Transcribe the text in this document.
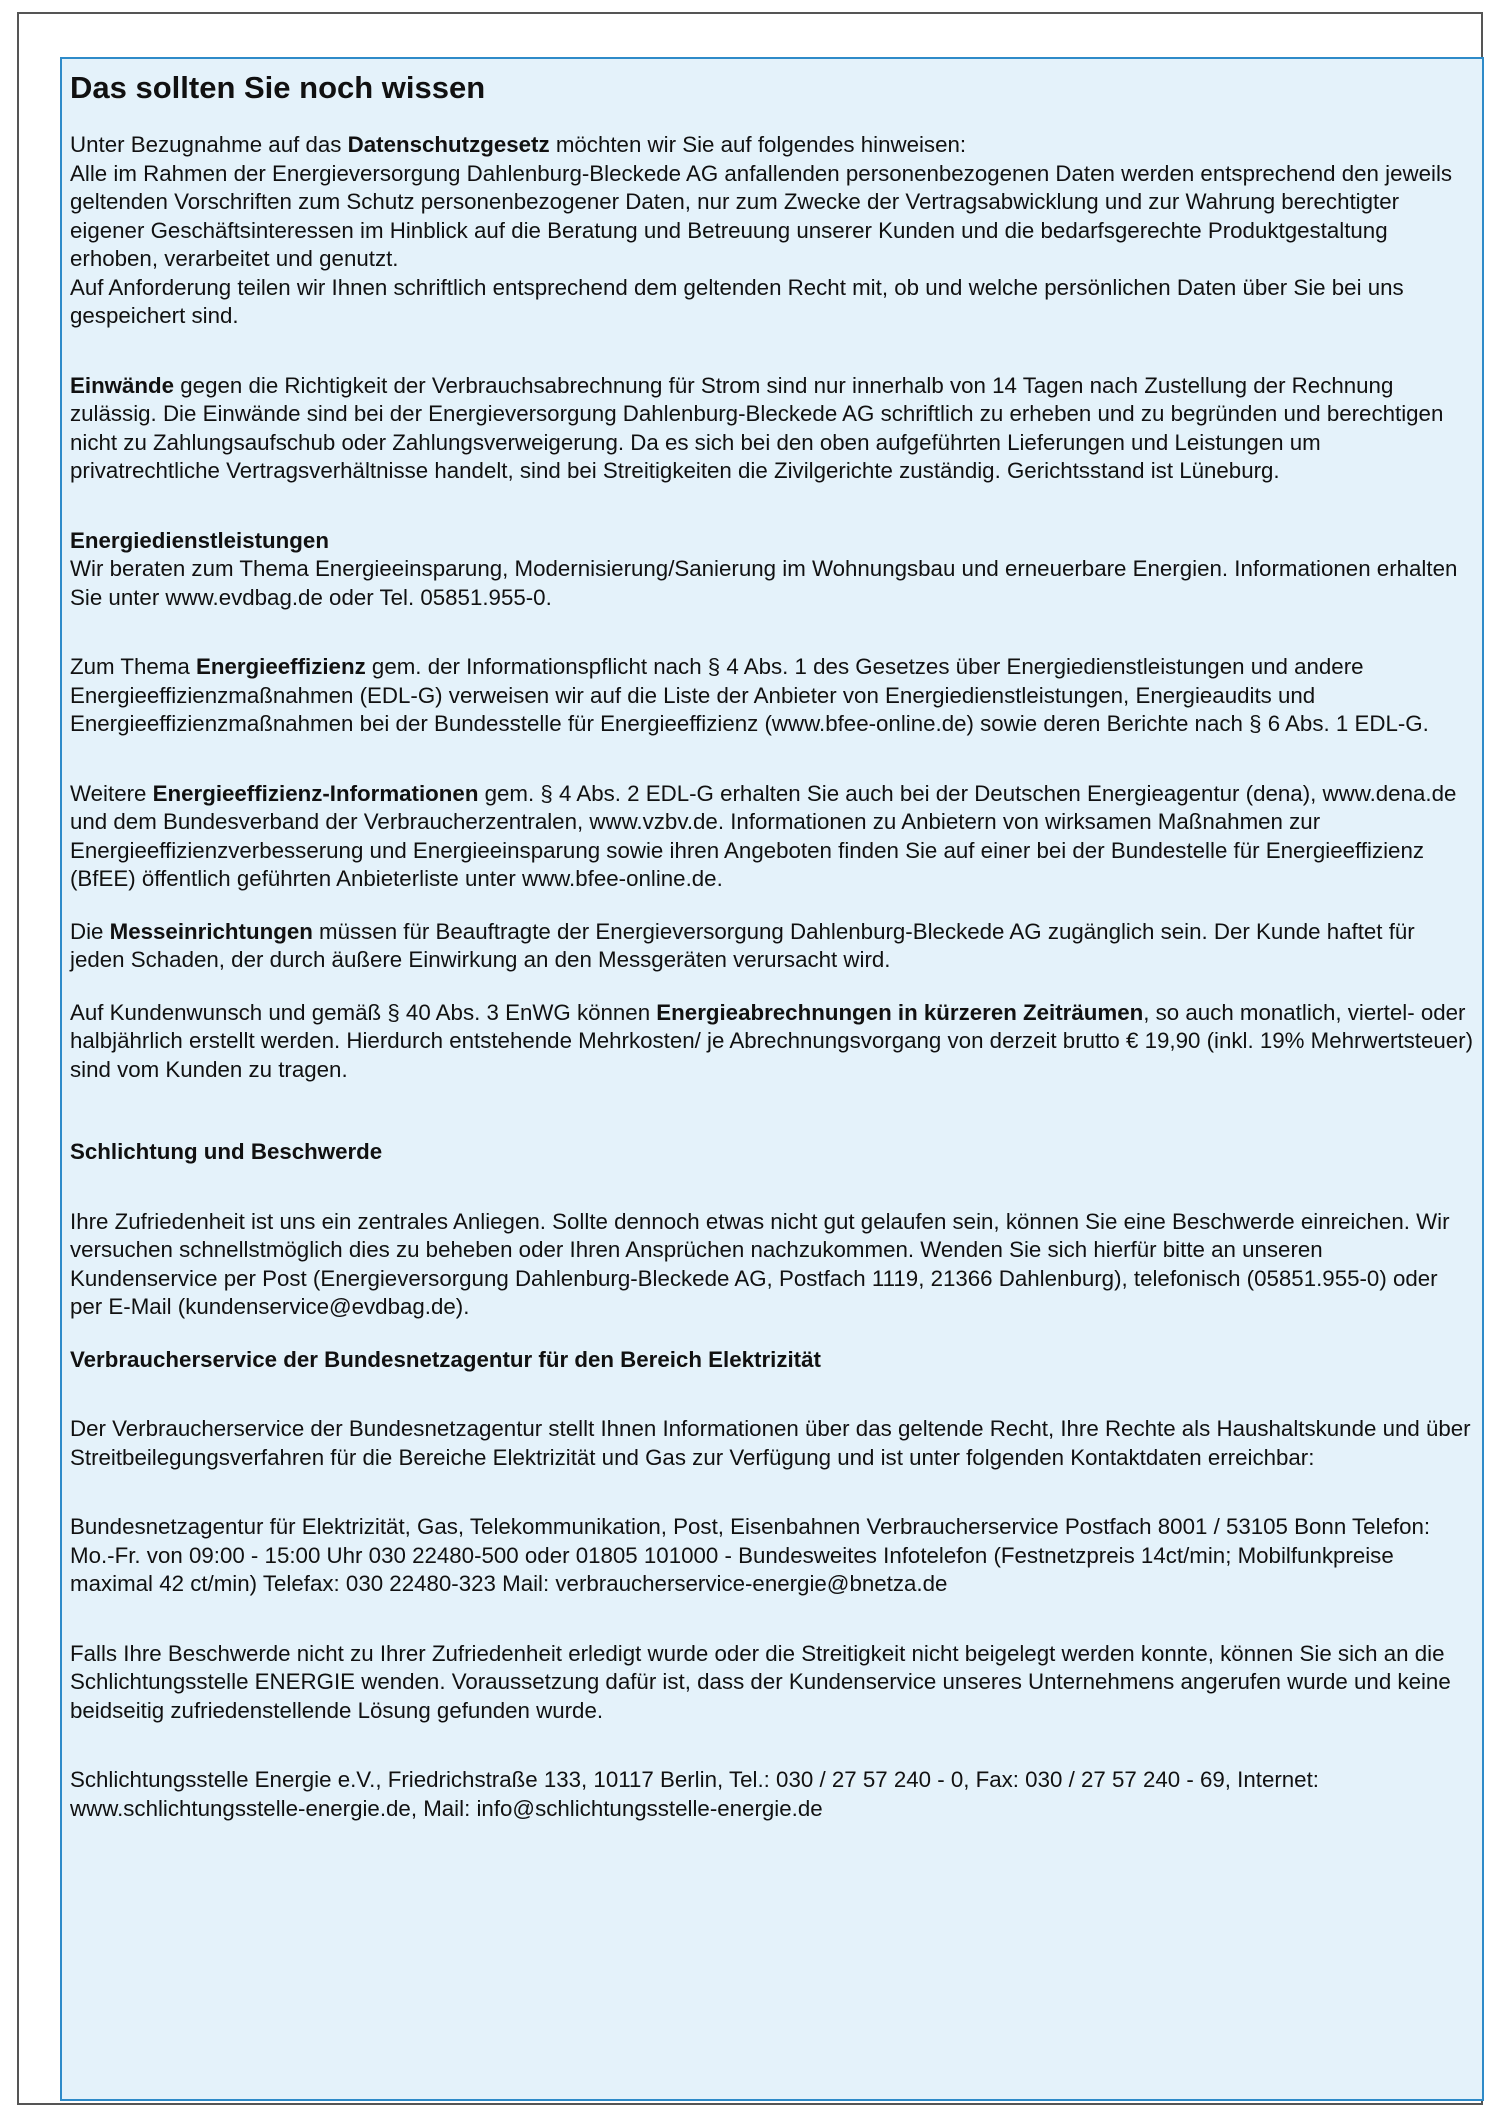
Das sollten Sie noch wissen

Unter Bezugnahme auf das Datenschutzgesetz möchten wir Sie auf folgendes hinweisen:

Alle im Rahmen der Energieversorgung Dahlenburg-Bleckede AG anfallenden personenbezogenen Daten werden entsprechend den jeweils geltenden Vorschriften zum Schutz personenbezogener Daten, nur zum Zwecke der Vertragsabwicklung und zur Wahrung berechtigter eigener Geschäftsinteressen im Hinblick auf die Beratung und Betreuung unserer Kunden und die bedarfsgerechte Produktgestaltung erhoben, verarbeitet und genutzt.

Auf Anforderung teilen wir Ihnen schriftlich entsprechend dem geltenden Recht mit, ob und welche persönlichen Daten über Sie bei uns gespeichert sind.

Einwände gegen die Richtigkeit der Verbrauchsabrechnung für Strom sind nur innerhalb von 14 Tagen nach Zustellung der Rechnung zulässig. Die Einwände sind bei der Energieversorgung Dahlenburg-Bleckede AG schriftlich zu erheben und zu begründen und berechtigen nicht zu Zahlungsaufschub oder Zahlungsverweigerung. Da es sich bei den oben aufgeführten Lieferungen und Leistungen um privatrechtliche Vertragsverhältnisse handelt, sind bei Streitigkeiten die Zivilgerichte zuständig. Gerichtsstand ist Lüneburg.

Energiedienstleistungen

Wir beraten zum Thema Energieeinsparung, Modernisierung/Sanierung im Wohnungsbau und erneuerbare Energien. Informationen erhalten Sie unter www.evdbag.de oder Tel. 05851.955-0.

Zum Thema Energieeffizienz gem. der Informationspflicht nach § 4 Abs. 1 des Gesetzes über Energiedienstleistungen und andere Energieeffizienzmaßnahmen (EDL-G) verweisen wir auf die Liste der Anbieter von Energiedienstleistungen, Energieaudits und Energieeffizienzmaßnahmen bei der Bundesstelle für Energieeffizienz (www.bfee-online.de) sowie deren Berichte nach § 6 Abs. 1 EDL-G.

Weitere Energieeffizienz-Informationen gem. § 4 Abs. 2 EDL-G erhalten Sie auch bei der Deutschen Energieagentur (dena), www.dena.de und dem Bundesverband der Verbraucherzentralen, www.vzbv.de. Informationen zu Anbietern von wirksamen Maßnahmen zur Energieeffizienzverbesserung und Energieeinsparung sowie ihren Angeboten finden Sie auf einer bei der Bundestelle für Energieeffizienz (BfEE) öffentlich geführten Anbieterliste unter www.bfee-online.de.

Die Messeinrichtungen müssen für Beauftragte der Energieversorgung Dahlenburg-Bleckede AG zugänglich sein. Der Kunde haftet für jeden Schaden, der durch äußere Einwirkung an den Messgeräten verursacht wird.

Auf Kundenwunsch und gemäß § 40 Abs. 3 EnWG können Energieabrechnungen in kürzeren Zeiträumen, so auch monatlich, viertel- oder halbjährlich erstellt werden. Hierdurch entstehende Mehrkosten/ je Abrechnungsvorgang von derzeit brutto € 19,90 (inkl. 19% Mehrwertsteuer) sind vom Kunden zu tragen.

Schlichtung und Beschwerde

Ihre Zufriedenheit ist uns ein zentrales Anliegen. Sollte dennoch etwas nicht gut gelaufen sein, können Sie eine Beschwerde einreichen. Wir versuchen schnellstmöglich dies zu beheben oder Ihren Ansprüchen nachzukommen. Wenden Sie sich hierfür bitte an unseren Kundenservice per Post (Energieversorgung Dahlenburg-Bleckede AG, Postfach 1119, 21366 Dahlenburg), telefonisch (05851.955-0) oder per E-Mail (kundenservice@evdbag.de).

Verbraucherservice der Bundesnetzagentur für den Bereich Elektrizität

Der Verbraucherservice der Bundesnetzagentur stellt Ihnen Informationen über das geltende Recht, Ihre Rechte als Haushaltskunde und über Streitbeilegungsverfahren für die Bereiche Elektrizität und Gas zur Verfügung und ist unter folgenden Kontaktdaten erreichbar:

Bundesnetzagentur für Elektrizität, Gas, Telekommunikation, Post, Eisenbahnen Verbraucherservice Postfach 8001 / 53105 Bonn Telefon: Mo.-Fr. von 09:00 - 15:00 Uhr 030 22480-500 oder 01805 101000 - Bundesweites Infotelefon (Festnetzpreis 14ct/min; Mobilfunkpreise maximal 42 ct/min) Telefax: 030 22480-323 Mail: verbraucherservice-energie@bnetza.de

Falls Ihre Beschwerde nicht zu Ihrer Zufriedenheit erledigt wurde oder die Streitigkeit nicht beigelegt werden konnte, können Sie sich an die Schlichtungsstelle ENERGIE wenden. Voraussetzung dafür ist, dass der Kundenservice unseres Unternehmens angerufen wurde und keine beidseitig zufriedenstellende Lösung gefunden wurde.

Schlichtungsstelle Energie e.V., Friedrichstraße 133, 10117 Berlin, Tel.: 030 / 27 57 240 - 0, Fax: 030 / 27 57 240 - 69, Internet: www.schlichtungsstelle-energie.de, Mail: info@schlichtungsstelle-energie.de
